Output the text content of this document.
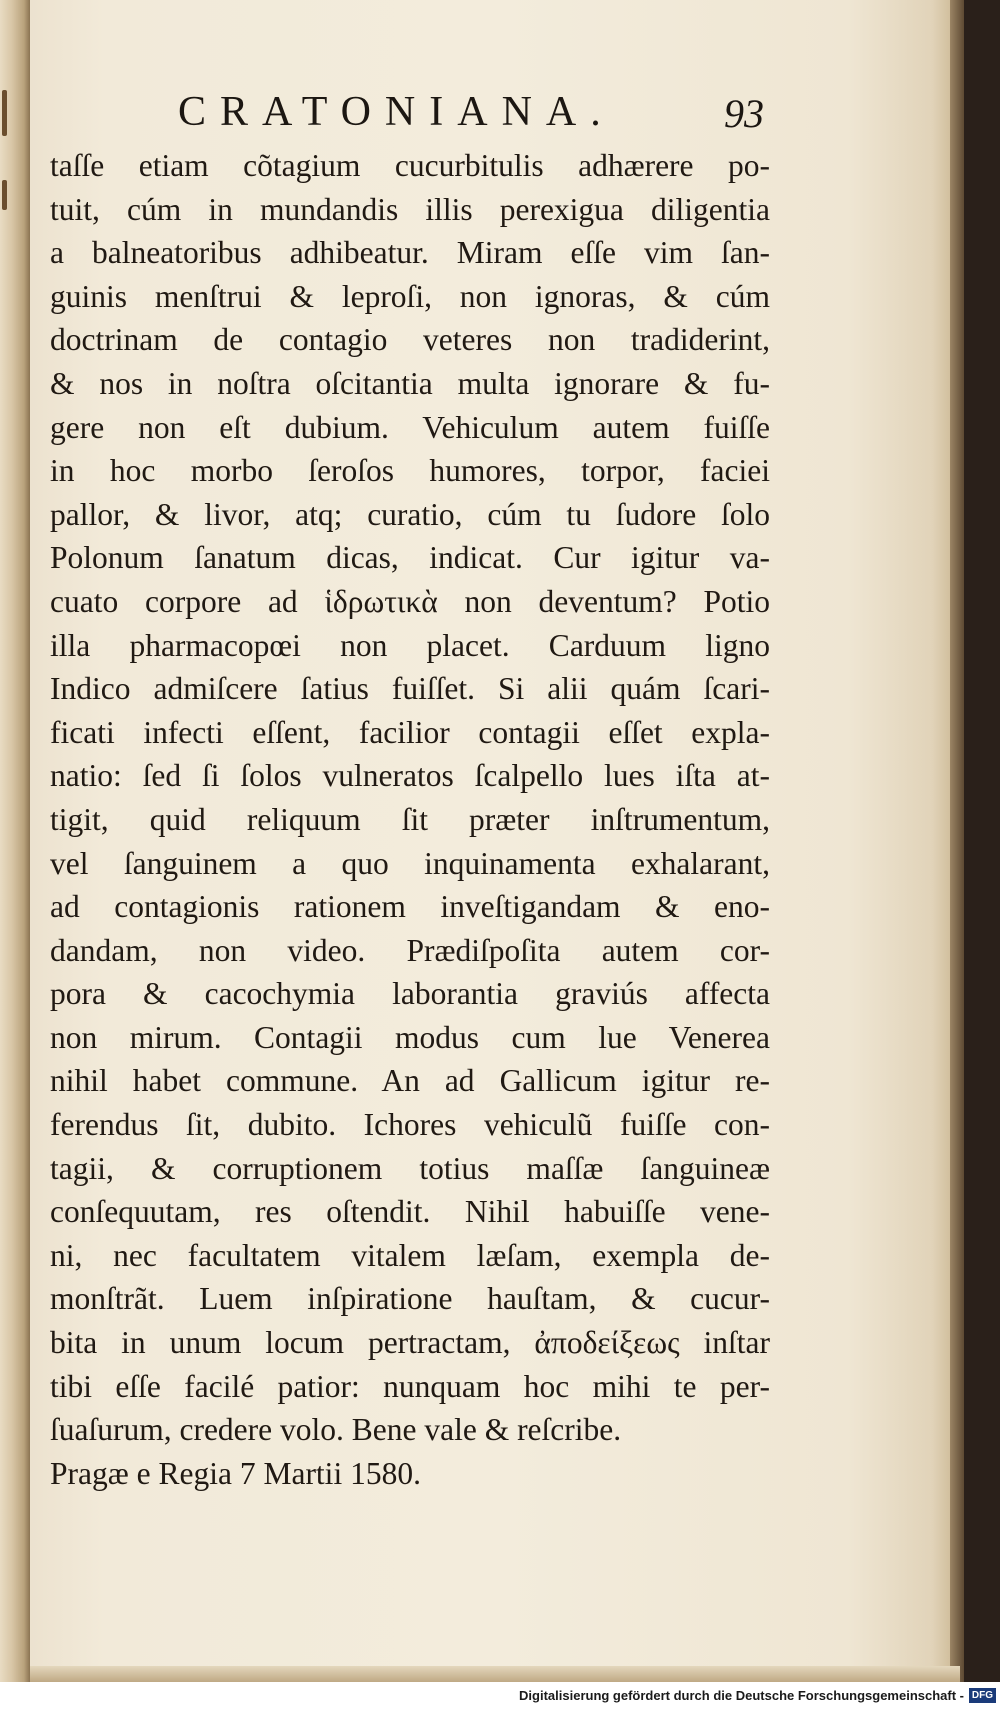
CRATONIANA.	93
taſſe etiam cõtagium cucurbitulis adhærere po-
tuit, cúm in mundandis illis perexigua diligentia
a balneatoribus adhibeatur. Miram eſſe vim ſan-
guinis menſtrui & leproſi, non ignoras, & cúm
doctrinam de contagio veteres non tradiderint,
& nos in noſtra oſcitantia multa ignorare & fu-
gere non eſt dubium. Vehiculum autem fuiſſe
in hoc morbo ſeroſos humores, torpor, faciei
pallor, & livor, atq; curatio, cúm tu ſudore ſolo
Polonum ſanatum dicas, indicat. Cur igitur va-
cuato corpore ad ἱδρωτικὰ non deventum? Potio
illa pharmacopœi non placet. Carduum ligno
Indico admiſcere ſatius fuiſſet. Si alii quám ſcari-
ficati infecti eſſent, facilior contagii eſſet expla-
natio: ſed ſi ſolos vulneratos ſcalpello lues iſta at-
tigit, quid reliquum ſit præter inſtrumentum,
vel ſanguinem a quo inquinamenta exhalarant,
ad contagionis rationem inveſtigandam & eno-
dandam, non video. Prædiſpoſita autem cor-
pora & cacochymia laborantia graviús affecta
non mirum. Contagii modus cum lue Venerea
nihil habet commune. An ad Gallicum igitur re-
ferendus ſit, dubito. Ichores vehiculũ fuiſſe con-
tagii, & corruptionem totius maſſæ ſanguineæ
conſequutam, res oſtendit. Nihil habuiſſe vene-
ni, nec facultatem vitalem læſam, exempla de-
monſtrãt. Luem inſpiratione hauſtam, & cucur-
bita in unum locum pertractam, ἀποδείξεως inſtar
tibi eſſe facilé patior: nunquam hoc mihi te per-
ſuaſurum, credere volo. Bene vale & reſcribe.
Pragæ e Regia 7 Martii 1580.
Digitalisierung gefördert durch die Deutsche Forschungsgemeinschaft - DFG
